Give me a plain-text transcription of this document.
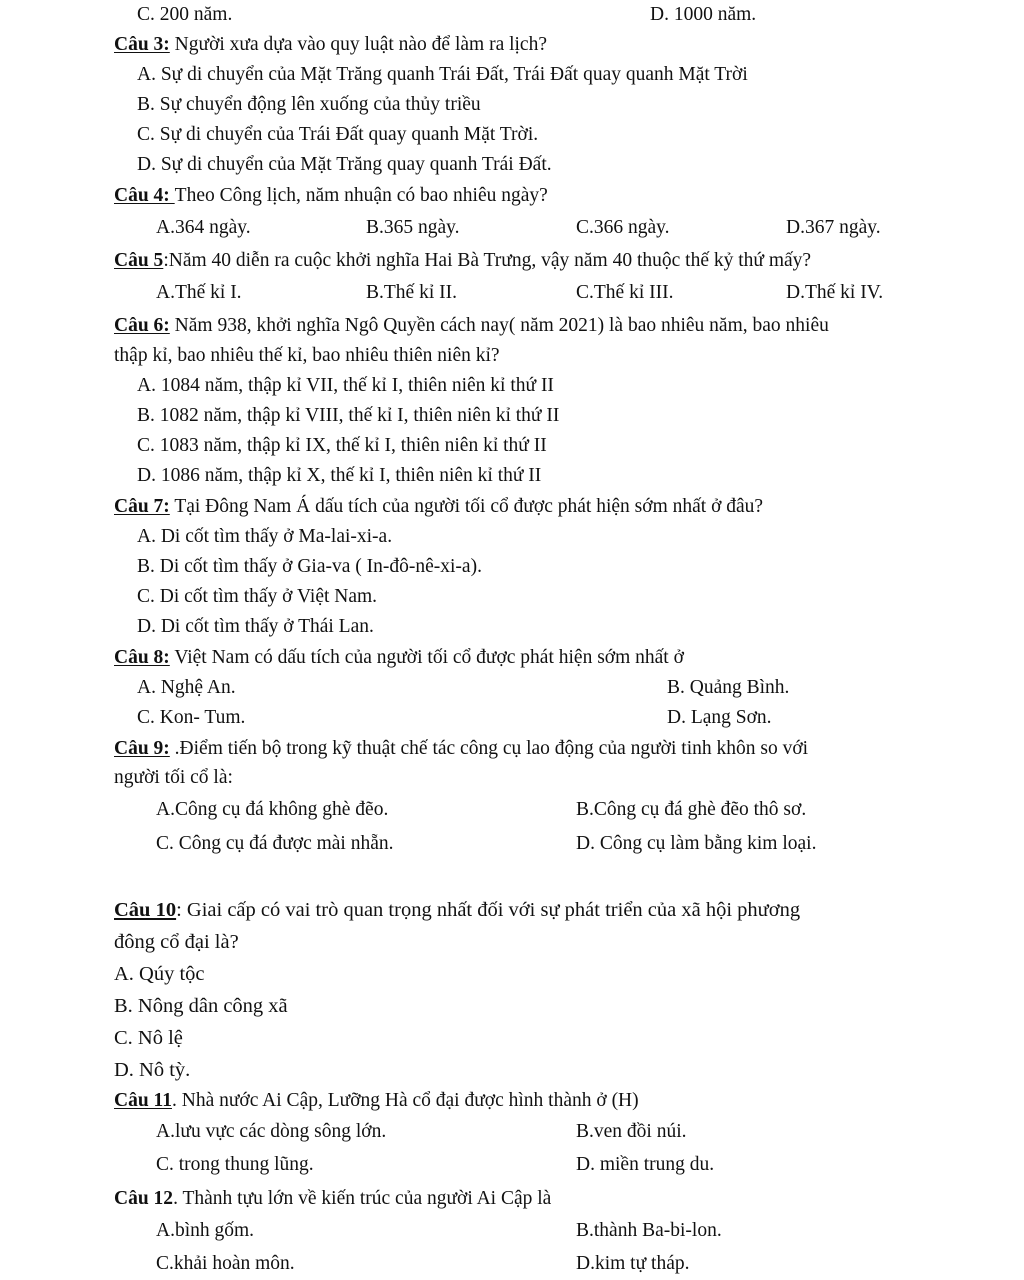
C. 200 năm.	D. 1000 năm.
Câu 3: Người xưa dựa vào quy luật nào để làm ra lịch?
A. Sự di chuyển của Mặt Trăng quanh Trái Đất, Trái Đất quay quanh Mặt Trời
B. Sự chuyển động lên xuống của thủy triều
C. Sự di chuyển của Trái Đất quay quanh Mặt Trời.
D. Sự di chuyển của Mặt Trăng quay quanh Trái Đất.
Câu 4: Theo Công lịch, năm nhuận có bao nhiêu ngày?
A.364 ngày.	B.365 ngày.	C.366 ngày.	D.367 ngày.
Câu 5:Năm 40 diễn ra cuộc khởi nghĩa Hai Bà Trưng, vậy năm 40 thuộc thế kỷ thứ mấy?
A.Thế kỉ I.	B.Thế kỉ II.	C.Thế kỉ III.	D.Thế kỉ IV.
Câu 6: Năm 938, khởi nghĩa Ngô Quyền cách nay( năm 2021) là bao nhiêu năm, bao nhiêu
thập kỉ, bao nhiêu thế kỉ, bao nhiêu thiên niên kỉ?
A. 1084 năm, thập kỉ VII, thế kỉ I, thiên niên kỉ thứ II
B. 1082 năm, thập kỉ VIII, thế kỉ I, thiên niên kỉ thứ II
C. 1083 năm, thập kỉ IX, thế kỉ I, thiên niên kỉ thứ II
D. 1086 năm, thập kỉ X, thế kỉ I, thiên niên kỉ thứ II
Câu 7: Tại Đông Nam Á dấu tích của người tối cổ được phát hiện sớm nhất ở đâu?
A. Di cốt tìm thấy ở Ma-lai-xi-a.
B. Di cốt tìm thấy ở Gia-va ( In-đô-nê-xi-a).
C. Di cốt tìm thấy ở Việt Nam.
D. Di cốt tìm thấy ở Thái Lan.
Câu 8: Việt Nam có dấu tích của người tối cổ được phát hiện sớm nhất ở
A. Nghệ An.	B. Quảng Bình.
C. Kon- Tum.	D. Lạng Sơn.
Câu 9: .Điểm tiến bộ trong kỹ thuật chế tác công cụ lao động của người tinh khôn so với
người tối cổ là:
A.Công cụ đá không ghè đẽo.	B.Công cụ đá ghè đẽo thô sơ.
C. Công cụ đá được mài nhẵn.	D. Công cụ làm bằng kim loại.
Câu 10: Giai cấp có vai trò quan trọng nhất đối với sự phát triển của xã hội phương
đông cổ đại là?
A. Qúy tộc
B. Nông dân công xã
C. Nô lệ
D. Nô tỳ.
Câu 11. Nhà nước Ai Cập, Lưỡng Hà cổ đại được hình thành ở (H)
A.lưu vực các dòng sông lớn.	B.ven đồi núi.
C. trong thung lũng.	D. miền trung du.
Câu 12. Thành tựu lớn về kiến trúc của người Ai Cập là
A.bình gốm.	B.thành Ba-bi-lon.
C.khải hoàn môn.	D.kim tự tháp.
